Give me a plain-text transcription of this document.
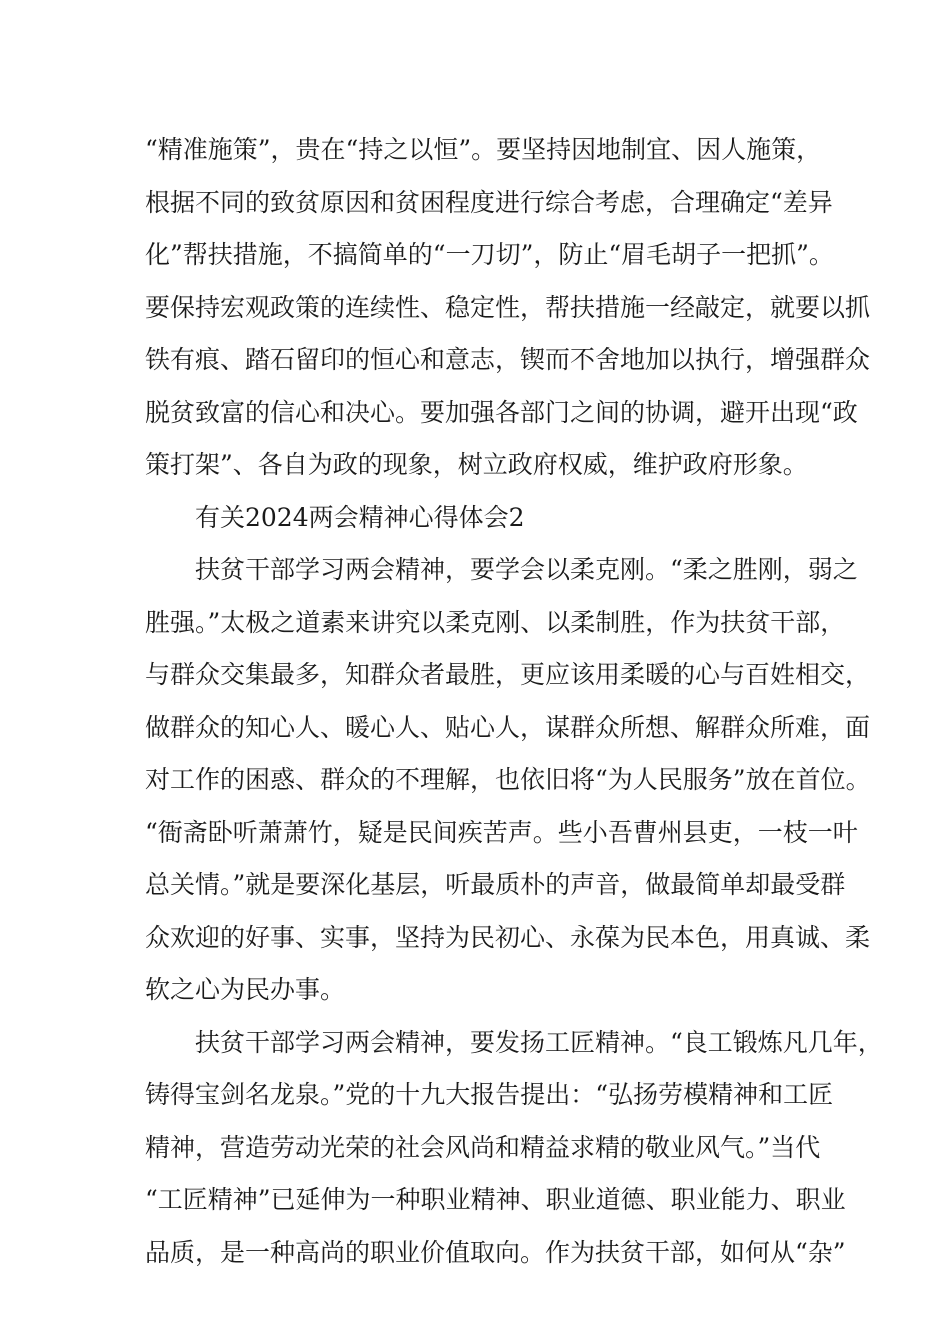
“精准施策”，贵在“持之以恒”。要坚持因地制宜、因人施策，
根据不同的致贫原因和贫困程度进行综合考虑，合理确定“差异
化”帮扶措施，不搞简单的“一刀切”，防止“眉毛胡子一把抓”。
要保持宏观政策的连续性、稳定性，帮扶措施一经敲定，就要以抓
铁有痕、踏石留印的恒心和意志，锲而不舍地加以执行，增强群众
脱贫致富的信心和决心。要加强各部门之间的协调，避开出现“政
策打架”、各自为政的现象，树立政府权威，维护政府形象。
有关2024两会精神心得体会2
扶贫干部学习两会精神，要学会以柔克刚。“柔之胜刚，弱之
胜强。”太极之道素来讲究以柔克刚、以柔制胜，作为扶贫干部，
与群众交集最多，知群众者最胜，更应该用柔暖的心与百姓相交，
做群众的知心人、暖心人、贴心人，谋群众所想、解群众所难，面
对工作的困惑、群众的不理解，也依旧将“为人民服务”放在首位。
“衙斋卧听萧萧竹，疑是民间疾苦声。些小吾曹州县吏，一枝一叶
总关情。”就是要深化基层，听最质朴的声音，做最简单却最受群
众欢迎的好事、实事，坚持为民初心、永葆为民本色，用真诚、柔
软之心为民办事。
扶贫干部学习两会精神，要发扬工匠精神。“良工锻炼凡几年，
铸得宝剑名龙泉。”党的十九大报告提出：“弘扬劳模精神和工匠
精神，营造劳动光荣的社会风尚和精益求精的敬业风气。”当代
“工匠精神”已延伸为一种职业精神、职业道德、职业能力、职业
品质，是一种高尚的职业价值取向。作为扶贫干部，如何从“杂”
